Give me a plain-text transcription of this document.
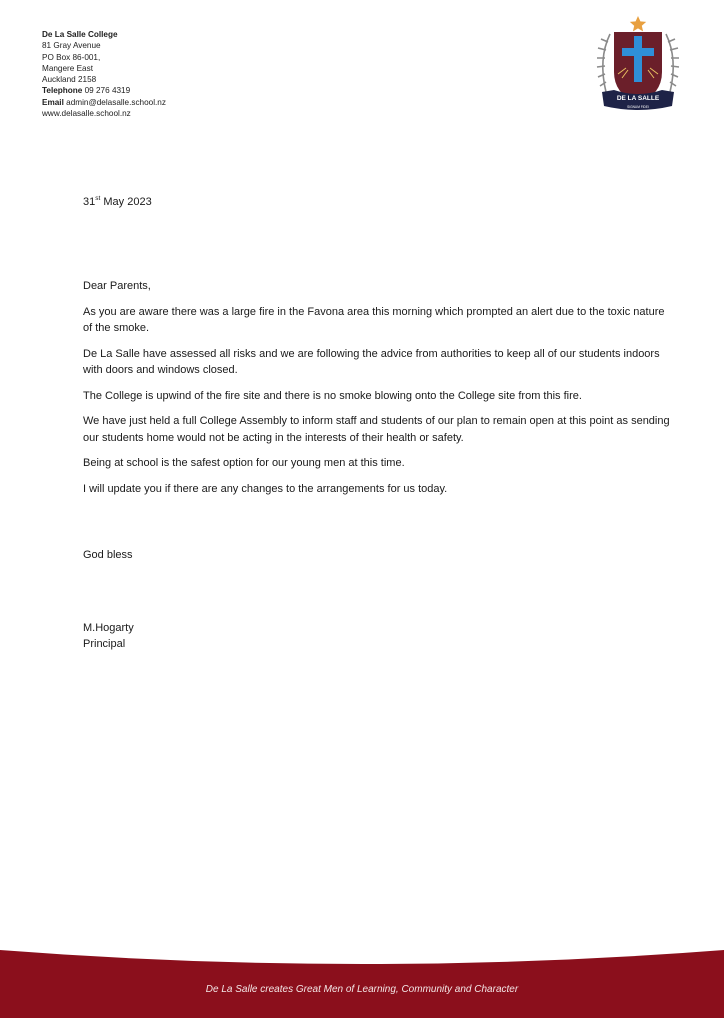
De La Salle College
81 Gray Avenue
PO Box 86-001,
Mangere East
Auckland 2158
Telephone 09 276 4319
Email admin@delasalle.school.nz
www.delasalle.school.nz
DE LA SALLE
SIGNUM FIDEI
31st May 2023

Dear Parents,

As you are aware there was a large fire in the Favona area this morning which prompted an alert due to the toxic nature of the smoke.

De La Salle have assessed all risks and we are following the advice from authorities to keep all of our students indoors with doors and windows closed.

The College is upwind of the fire site and there is no smoke blowing onto the College site from this fire.

We have just held a full College Assembly to inform staff and students of our plan to remain open at this point as sending our students home would not be acting in the interests of their health or safety.

Being at school is the safest option for our young men at this time.

I will update you if there are any changes to the arrangements for us today.

God bless
M.Hogarty
Principal
De La Salle creates Great Men of Learning, Community and Character
